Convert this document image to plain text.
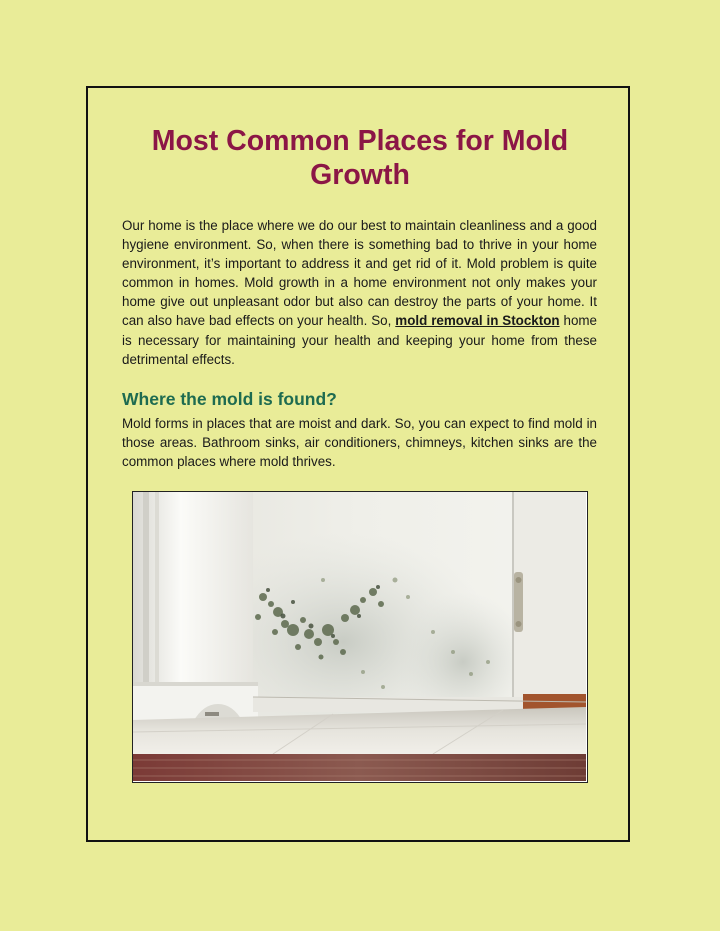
Most Common Places for Mold Growth

Our home is the place where we do our best to maintain cleanliness and a good hygiene environment. So, when there is something bad to thrive in your home environment, it’s important to address it and get rid of it. Mold problem is quite common in homes. Mold growth in a home environment not only makes your home give out unpleasant odor but also can destroy the parts of your home. It can also have bad effects on your health. So, mold removal in Stockton home is necessary for maintaining your health and keeping your home from these detrimental effects.

Where the mold is found?

Mold forms in places that are moist and dark. So, you can expect to find mold in those areas. Bathroom sinks, air conditioners, chimneys, kitchen sinks are the common places where mold thrives.
